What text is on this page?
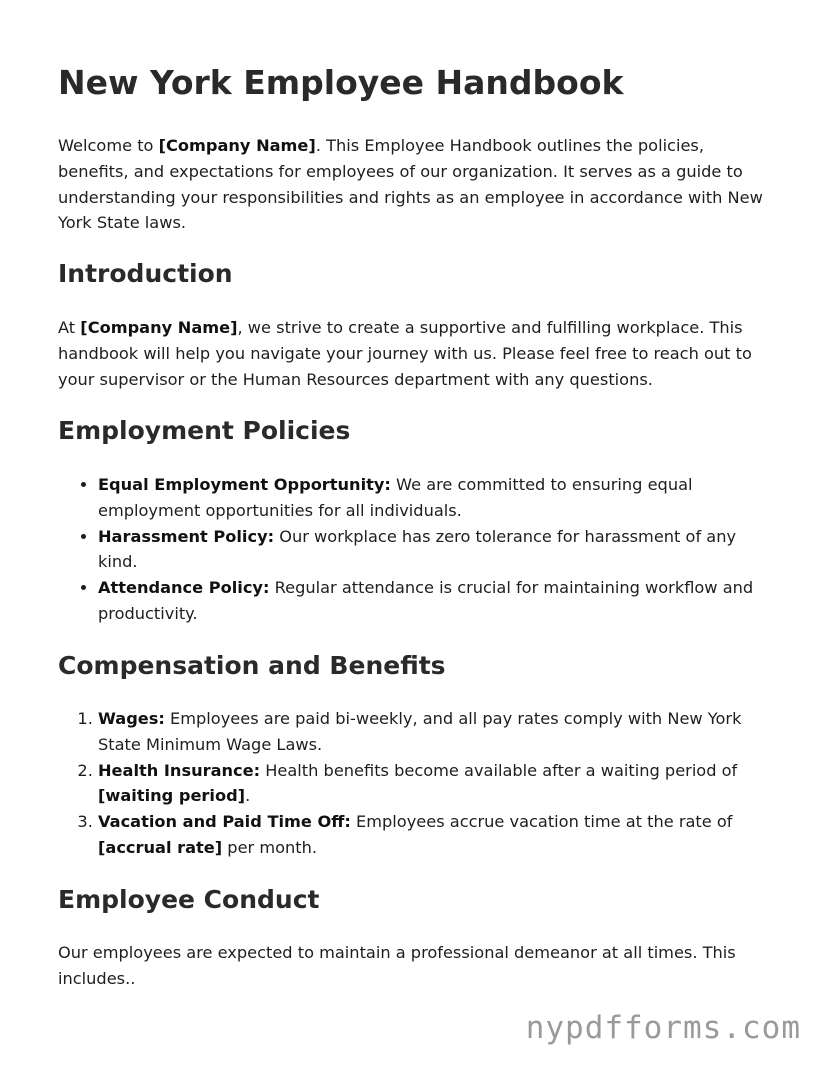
New York Employee Handbook

Welcome to [Company Name]. This Employee Handbook outlines the policies, benefits, and expectations for employees of our organization. It serves as a guide to understanding your responsibilities and rights as an employee in accordance with New York State laws.

Introduction

At [Company Name], we strive to create a supportive and fulfilling workplace. This handbook will help you navigate your journey with us. Please feel free to reach out to your supervisor or the Human Resources department with any questions.

Employment Policies
• Equal Employment Opportunity: We are committed to ensuring equal employment opportunities for all individuals.
• Harassment Policy: Our workplace has zero tolerance for harassment of any kind.
• Attendance Policy: Regular attendance is crucial for maintaining workflow and productivity.
Compensation and Benefits
1. Wages: Employees are paid bi-weekly, and all pay rates comply with New York State Minimum Wage Laws.
2. Health Insurance: Health benefits become available after a waiting period of [waiting period].
3. Vacation and Paid Time Off: Employees accrue vacation time at the rate of [accrual rate] per month.
Employee Conduct

Our employees are expected to maintain a professional demeanor at all times. This includes..

nypdfforms.com
